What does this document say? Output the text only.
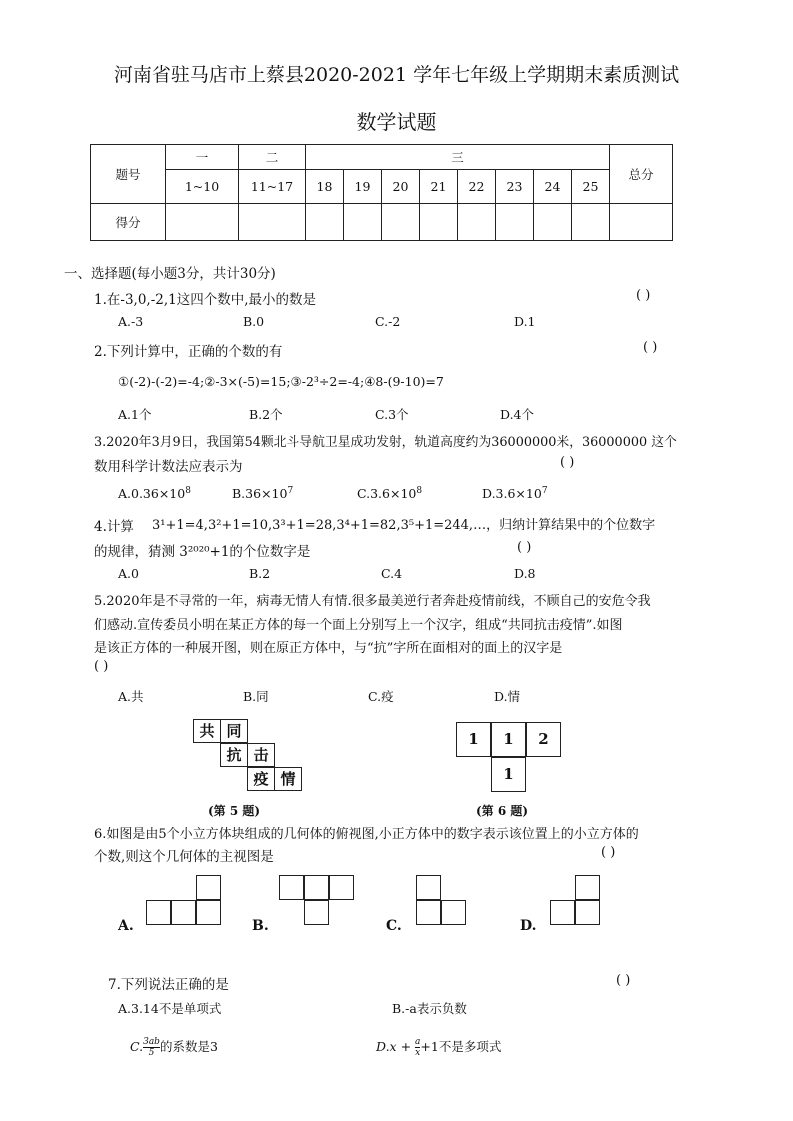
河南省驻马店市上蔡县2020-2021 学年七年级上学期期末素质测试
数学试题
题号	一	二	三								总分
	1~10	11~17	18	19	20	21	22	23	24	25	
得分											
一、选择题(每小题3分，共计30分)
1.在-3,0,-2,1这四个数中,最小的数是	( )
A.-3	B.0	C.-2	D.1
2.下列计算中，正确的个数的有	( )
①(-2)-(-2)=-4;②-3×(-5)=15;③-2³÷2=-4;④8-(9-10)=7
A.1个	B.2个	C.3个	D.4个
3.2020年3月9日，我国第54颗北斗导航卫星成功发射，轨道高度约为36000000米，36000000 这个
数用科学计数法应表示为	( )
$A.0.36\times 10^8$	$B.36\times 10^7$	$C.3.6\times 10^8$	$D.3.6\times 10^7$
4.计算 3¹+1=4,3²+1=10,3³+1=28,3⁴+1=82,3⁵+1=244,…，归纳计算结果中的个位数字
的规律，猜测 3²⁰²⁰+1的个位数字是	( )
A.0	B.2	C.4	D.8
5.2020年是不寻常的一年，病毒无情人有情.很多最美逆行者奔赴疫情前线，不顾自己的安危令我
们感动.宣传委员小明在某正方体的每一个面上分别写上一个汉字，组成“共同抗击疫情”.如图
是该正方体的一种展开图，则在原正方体中，与“抗”字所在面相对的面上的汉字是
( )
A.共	B.同	C.疫	D.情
共 同
抗 击
疫 情
(第 5 题)
1	1	2
1
(第 6 题)
6.如图是由5个小立方体块组成的几何体的俯视图,小正方体中的数字表示该位置上的小立方体的
个数,则这个几何体的主视图是	( )
A.	B.	C.	D.
7.下列说法正确的是	( )
A.3.14不是单项式	B.-a表示负数
C. $\frac{3ab}{5}$ 的系数是3	$D.x + \frac{a}{x} +1$不是多项式
